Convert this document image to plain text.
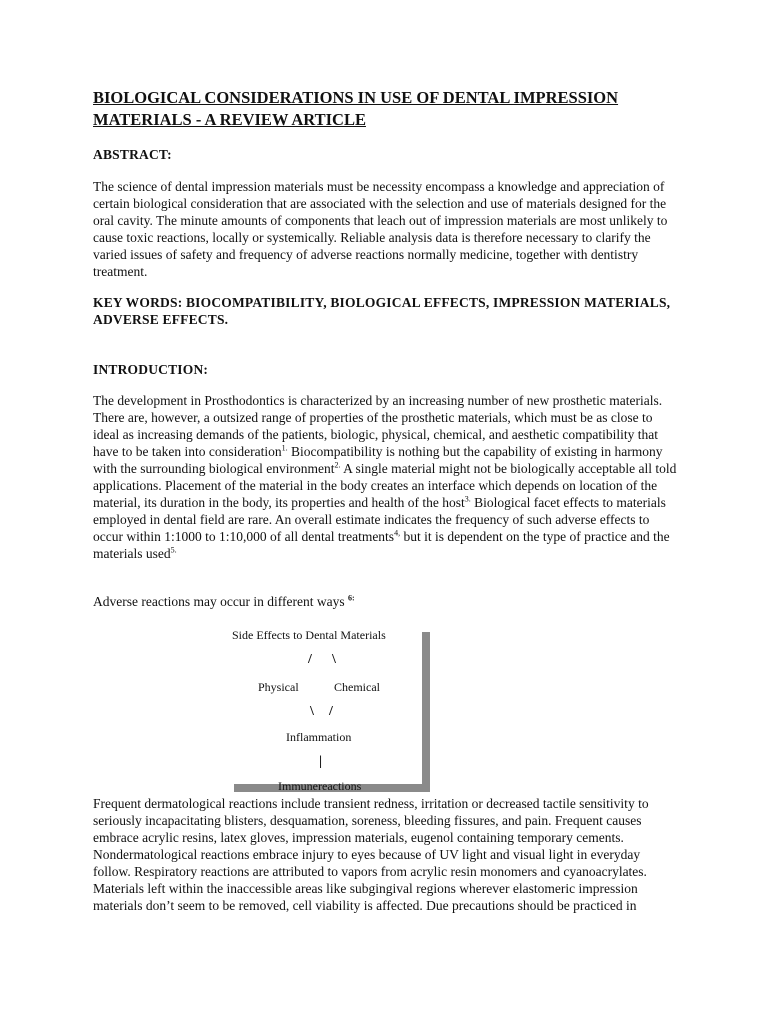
BIOLOGICAL CONSIDERATIONS IN USE OF DENTAL IMPRESSION MATERIALS - A REVIEW ARTICLE
ABSTRACT:

The science of dental impression materials must be necessity encompass a knowledge and appreciation of certain biological consideration that are associated with the selection and use of materials designed for the oral cavity. The minute amounts of components that leach out of impression materials are most unlikely to cause toxic reactions, locally or systemically. Reliable analysis data is therefore necessary to clarify the varied issues of safety and frequency of adverse reactions normally medicine, together with dentistry treatment.

KEY WORDS: BIOCOMPATIBILITY, BIOLOGICAL EFFECTS, IMPRESSION MATERIALS, ADVERSE EFFECTS.
INTRODUCTION:

The development in Prosthodontics is characterized by an increasing number of new prosthetic materials. There are, however, a outsized range of properties of the prosthetic materials, which must be as close to ideal as increasing demands of the patients, biologic, physical, chemical, and aesthetic compatibility that have to be taken into consideration$^{1.}$ Biocompatibility is nothing but the capability of existing in harmony with the surrounding biological environment$^{2.}$ A single material might not be biologically acceptable all told applications. Placement of the material in the body creates an interface which depends on location of the material, its duration in the body, its properties and health of the host$^{3.}$ Biological facet effects to materials employed in dental field are rare. An overall estimate indicates the frequency of such adverse effects to occur within 1:1000 to 1:10,000 of all dental treatments$^{4,}$ but it is dependent on the type of practice and the materials used$^{5.}$

Adverse reactions may occur in different ways $^{6:}$

Side Effects to Dental Materials
/ \
Physical	Chemical
\ /
Inflammation
|
Immunereactions

Frequent dermatological reactions include transient redness, irritation or decreased tactile sensitivity to seriously incapacitating blisters, desquamation, soreness, bleeding fissures, and pain. Frequent causes embrace acrylic resins, latex gloves, impression materials, eugenol containing temporary cements. Nondermatological reactions embrace injury to eyes because of UV light and visual light in everyday follow. Respiratory reactions are attributed to vapors from acrylic resin monomers and cyanoacrylates. Materials left within the inaccessible areas like subgingival regions wherever elastomeric impression materials don’t seem to be removed, cell viability is affected. Due precautions should be practiced in
